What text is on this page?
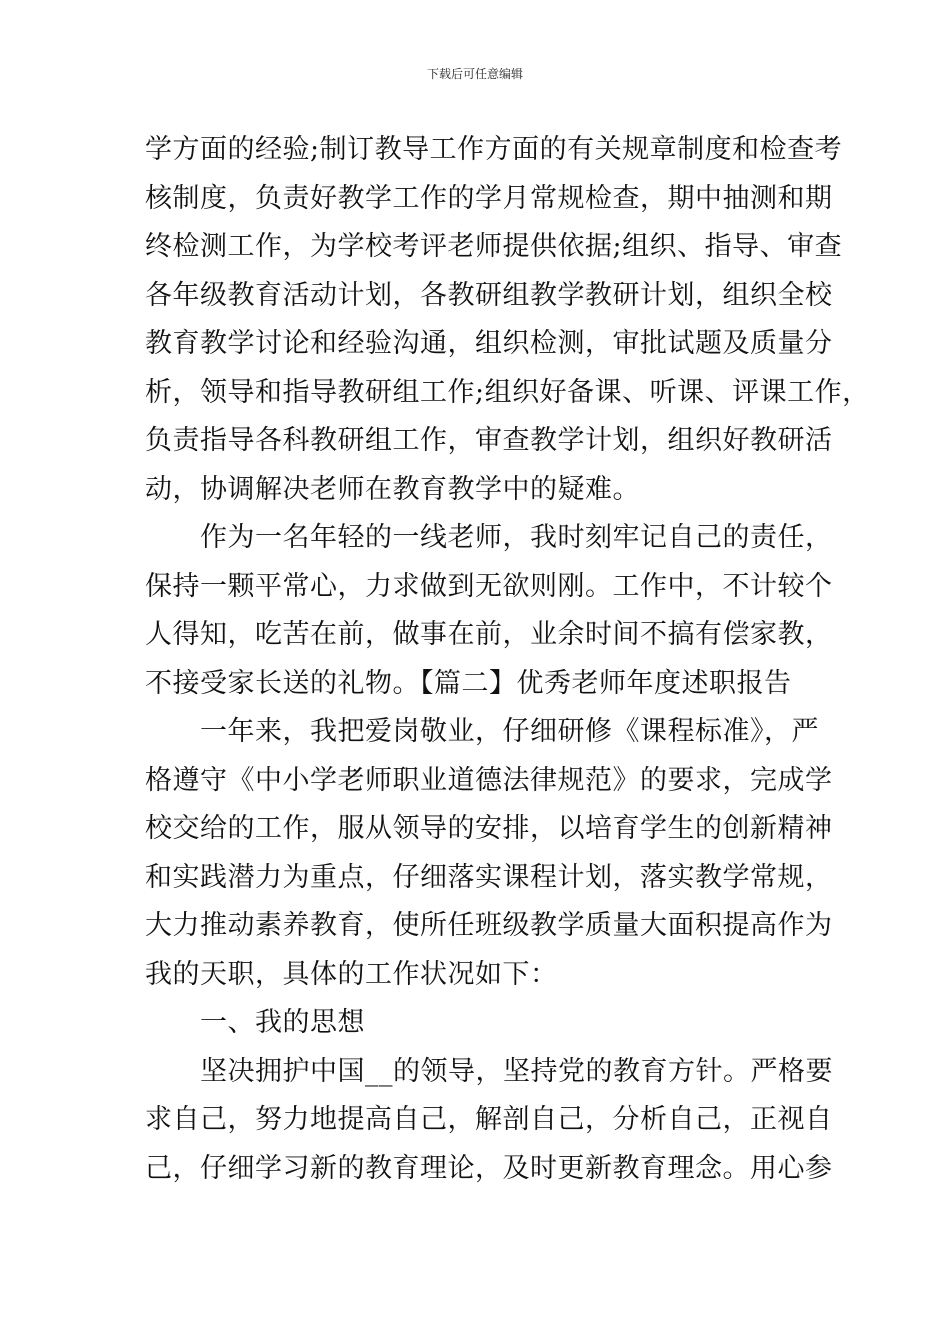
下载后可任意编辑
学方面的经验;制订教导工作方面的有关规章制度和检查考
核制度，负责好教学工作的学月常规检查，期中抽测和期
终检测工作，为学校考评老师提供依据;组织、指导、审查
各年级教育活动计划，各教研组教学教研计划，组织全校
教育教学讨论和经验沟通，组织检测，审批试题及质量分
析，领导和指导教研组工作;组织好备课、听课、评课工作，
负责指导各科教研组工作，审查教学计划，组织好教研活
动，协调解决老师在教育教学中的疑难。
作为一名年轻的一线老师，我时刻牢记自己的责任，
保持一颗平常心，力求做到无欲则刚。工作中，不计较个
人得知，吃苦在前，做事在前，业余时间不搞有偿家教，
不接受家长送的礼物。【篇二】优秀老师年度述职报告
一年来，我把爱岗敬业，仔细研修《课程标准》，严
格遵守《中小学老师职业道德法律规范》的要求，完成学
校交给的工作，服从领导的安排，以培育学生的创新精神
和实践潜力为重点，仔细落实课程计划，落实教学常规，
大力推动素养教育，使所任班级教学质量大面积提高作为
我的天职，具体的工作状况如下：
一、我的思想
坚决拥护中国__的领导，坚持党的教育方针。严格要
求自己，努力地提高自己，解剖自己，分析自己，正视自
己，仔细学习新的教育理论，及时更新教育理念。用心参
